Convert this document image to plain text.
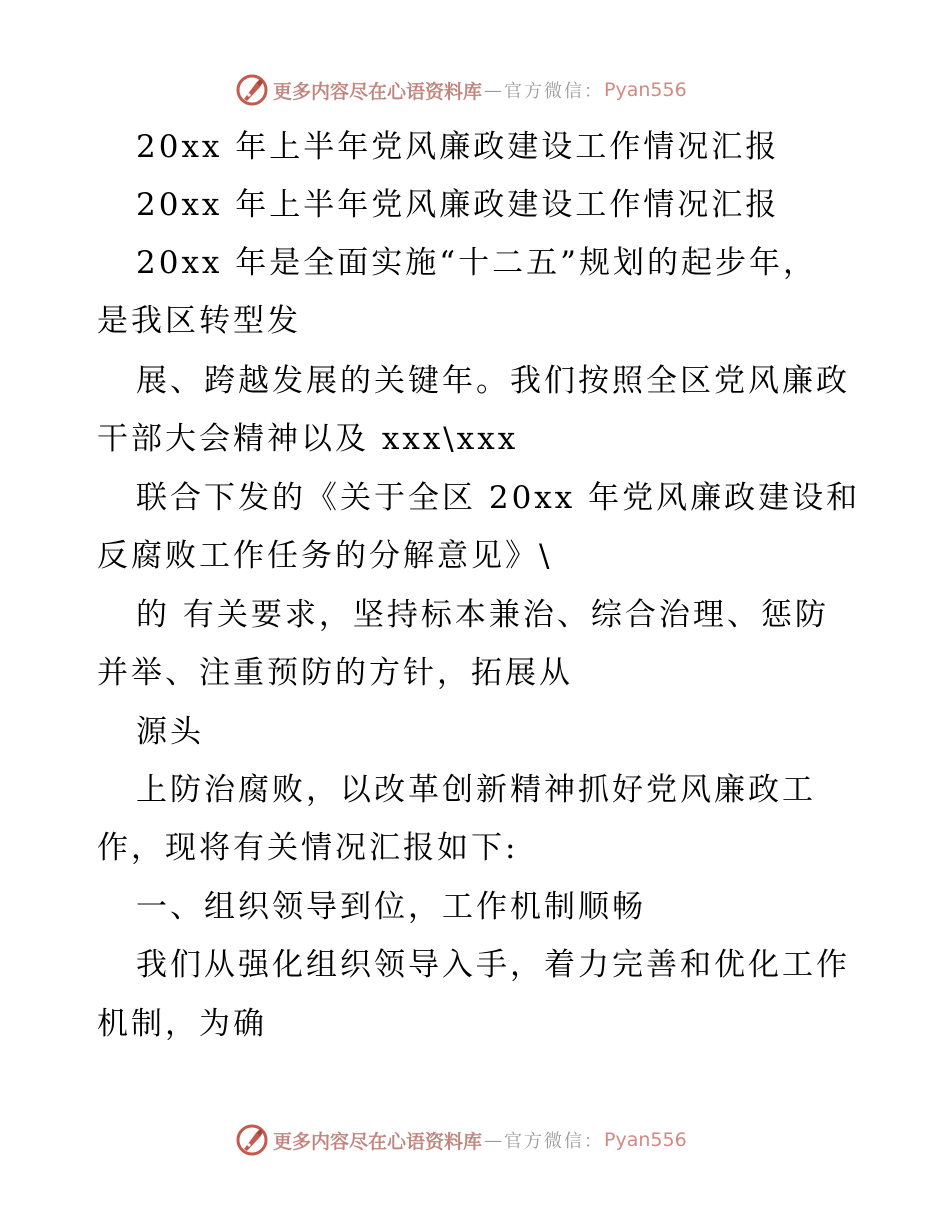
更多内容尽在心语资料库 — 官方微信： Pyan556
20xx 年上半年党风廉政建设工作情况汇报
20xx 年上半年党风廉政建设工作情况汇报
20xx 年是全面实施“十二五”规划的起步年，
是我区转型发
展、跨越发展的关键年。我们按照全区党风廉政
干部大会精神以及 xxx\xxx
联合下发的《关于全区 20xx 年党风廉政建设和
反腐败工作任务的分解意见》\
的 有关要求，坚持标本兼治、综合治理、惩防
并举、注重预防的方针，拓展从
源头
上防治腐败，以改革创新精神抓好党风廉政工
作，现将有关情况汇报如下:
一、组织领导到位，工作机制顺畅
我们从强化组织领导入手，着力完善和优化工作
机制，为确
更多内容尽在心语资料库 — 官方微信： Pyan556
